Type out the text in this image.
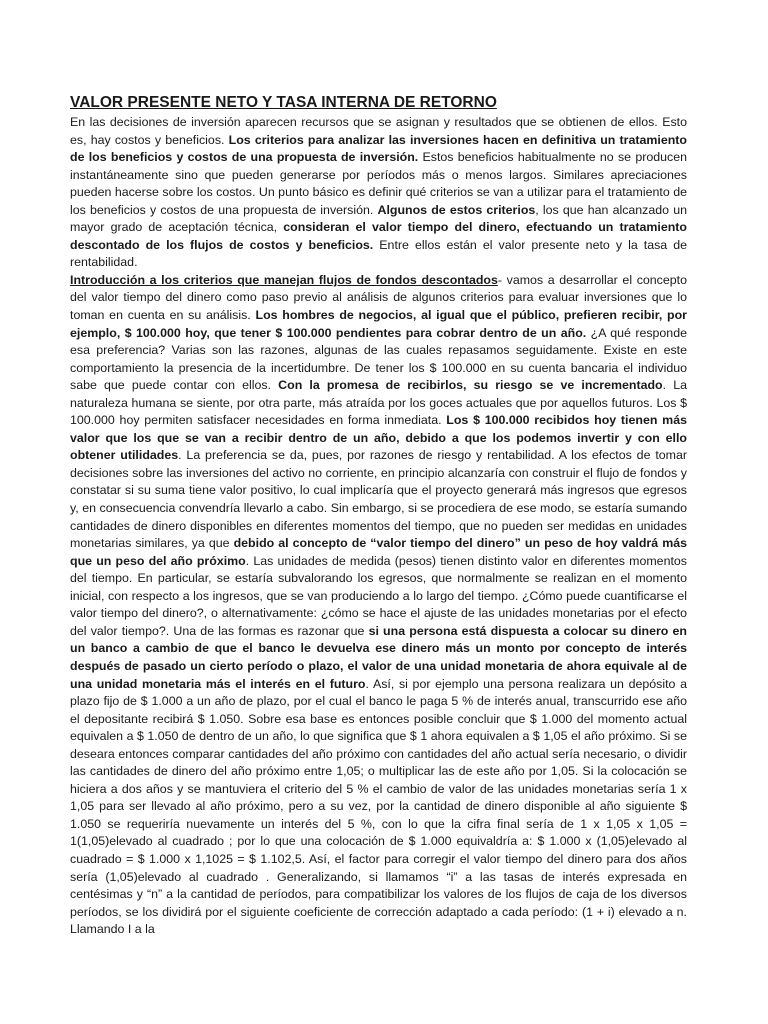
VALOR PRESENTE NETO Y TASA INTERNA DE RETORNO

En las decisiones de inversión aparecen recursos que se asignan y resultados que se obtienen de ellos. Esto es, hay costos y beneficios. Los criterios para analizar las inversiones hacen en definitiva un tratamiento de los beneficios y costos de una propuesta de inversión. Estos beneficios habitualmente no se producen instantáneamente sino que pueden generarse por períodos más o menos largos. Similares apreciaciones pueden hacerse sobre los costos. Un punto básico es definir qué criterios se van a utilizar para el tratamiento de los beneficios y costos de una propuesta de inversión. Algunos de estos criterios, los que han alcanzado un mayor grado de aceptación técnica, consideran el valor tiempo del dinero, efectuando un tratamiento descontado de los flujos de costos y beneficios. Entre ellos están el valor presente neto y la tasa de rentabilidad.

Introducción a los criterios que manejan flujos de fondos descontados- vamos a desarrollar el concepto del valor tiempo del dinero como paso previo al análisis de algunos criterios para evaluar inversiones que lo toman en cuenta en su análisis. Los hombres de negocios, al igual que el público, prefieren recibir, por ejemplo, $ 100.000 hoy, que tener $ 100.000 pendientes para cobrar dentro de un año. ¿A qué responde esa preferencia? Varias son las razones, algunas de las cuales repasamos seguidamente. Existe en este comportamiento la presencia de la incertidumbre. De tener los $ 100.000 en su cuenta bancaria el individuo sabe que puede contar con ellos. Con la promesa de recibirlos, su riesgo se ve incrementado. La naturaleza humana se siente, por otra parte, más atraída por los goces actuales que por aquellos futuros. Los $ 100.000 hoy permiten satisfacer necesidades en forma inmediata. Los $ 100.000 recibidos hoy tienen más valor que los que se van a recibir dentro de un año, debido a que los podemos invertir y con ello obtener utilidades. La preferencia se da, pues, por razones de riesgo y rentabilidad. A los efectos de tomar decisiones sobre las inversiones del activo no corriente, en principio alcanzaría con construir el flujo de fondos y constatar si su suma tiene valor positivo, lo cual implicaría que el proyecto generará más ingresos que egresos y, en consecuencia convendría llevarlo a cabo. Sin embargo, si se procediera de ese modo, se estaría sumando cantidades de dinero disponibles en diferentes momentos del tiempo, que no pueden ser medidas en unidades monetarias similares, ya que debido al concepto de “valor tiempo del dinero” un peso de hoy valdrá más que un peso del año próximo. Las unidades de medida (pesos) tienen distinto valor en diferentes momentos del tiempo. En particular, se estaría subvalorando los egresos, que normalmente se realizan en el momento inicial, con respecto a los ingresos, que se van produciendo a lo largo del tiempo. ¿Cómo puede cuantificarse el valor tiempo del dinero?, o alternativamente: ¿cómo se hace el ajuste de las unidades monetarias por el efecto del valor tiempo?. Una de las formas es razonar que si una persona está dispuesta a colocar su dinero en un banco a cambio de que el banco le devuelva ese dinero más un monto por concepto de interés después de pasado un cierto período o plazo, el valor de una unidad monetaria de ahora equivale al de una unidad monetaria más el interés en el futuro. Así, si por ejemplo una persona realizara un depósito a plazo fijo de $ 1.000 a un año de plazo, por el cual el banco le paga 5 % de interés anual, transcurrido ese año el depositante recibirá $ 1.050. Sobre esa base es entonces posible concluir que $ 1.000 del momento actual equivalen a $ 1.050 de dentro de un año, lo que significa que $ 1 ahora equivalen a $ 1,05 el año próximo. Si se deseara entonces comparar cantidades del año próximo con cantidades del año actual sería necesario, o dividir las cantidades de dinero del año próximo entre 1,05; o multiplicar las de este año por 1,05. Si la colocación se hiciera a dos años y se mantuviera el criterio del 5 % el cambio de valor de las unidades monetarias sería 1 x 1,05 para ser llevado al año próximo, pero a su vez, por la cantidad de dinero disponible al año siguiente $ 1.050 se requeriría nuevamente un interés del 5 %, con lo que la cifra final sería de 1 x 1,05 x 1,05 = 1(1,05)elevado al cuadrado ; por lo que una colocación de $ 1.000 equivaldría a: $ 1.000 x (1,05)elevado al cuadrado = $ 1.000 x 1,1025 = $ 1.102,5. Así, el factor para corregir el valor tiempo del dinero para dos años sería (1,05)elevado al cuadrado . Generalizando, si llamamos “i” a las tasas de interés expresada en centésimas y “n” a la cantidad de períodos, para compatibilizar los valores de los flujos de caja de los diversos períodos, se los dividirá por el siguiente coeficiente de corrección adaptado a cada período: (1 + i) elevado a n. Llamando I a la
